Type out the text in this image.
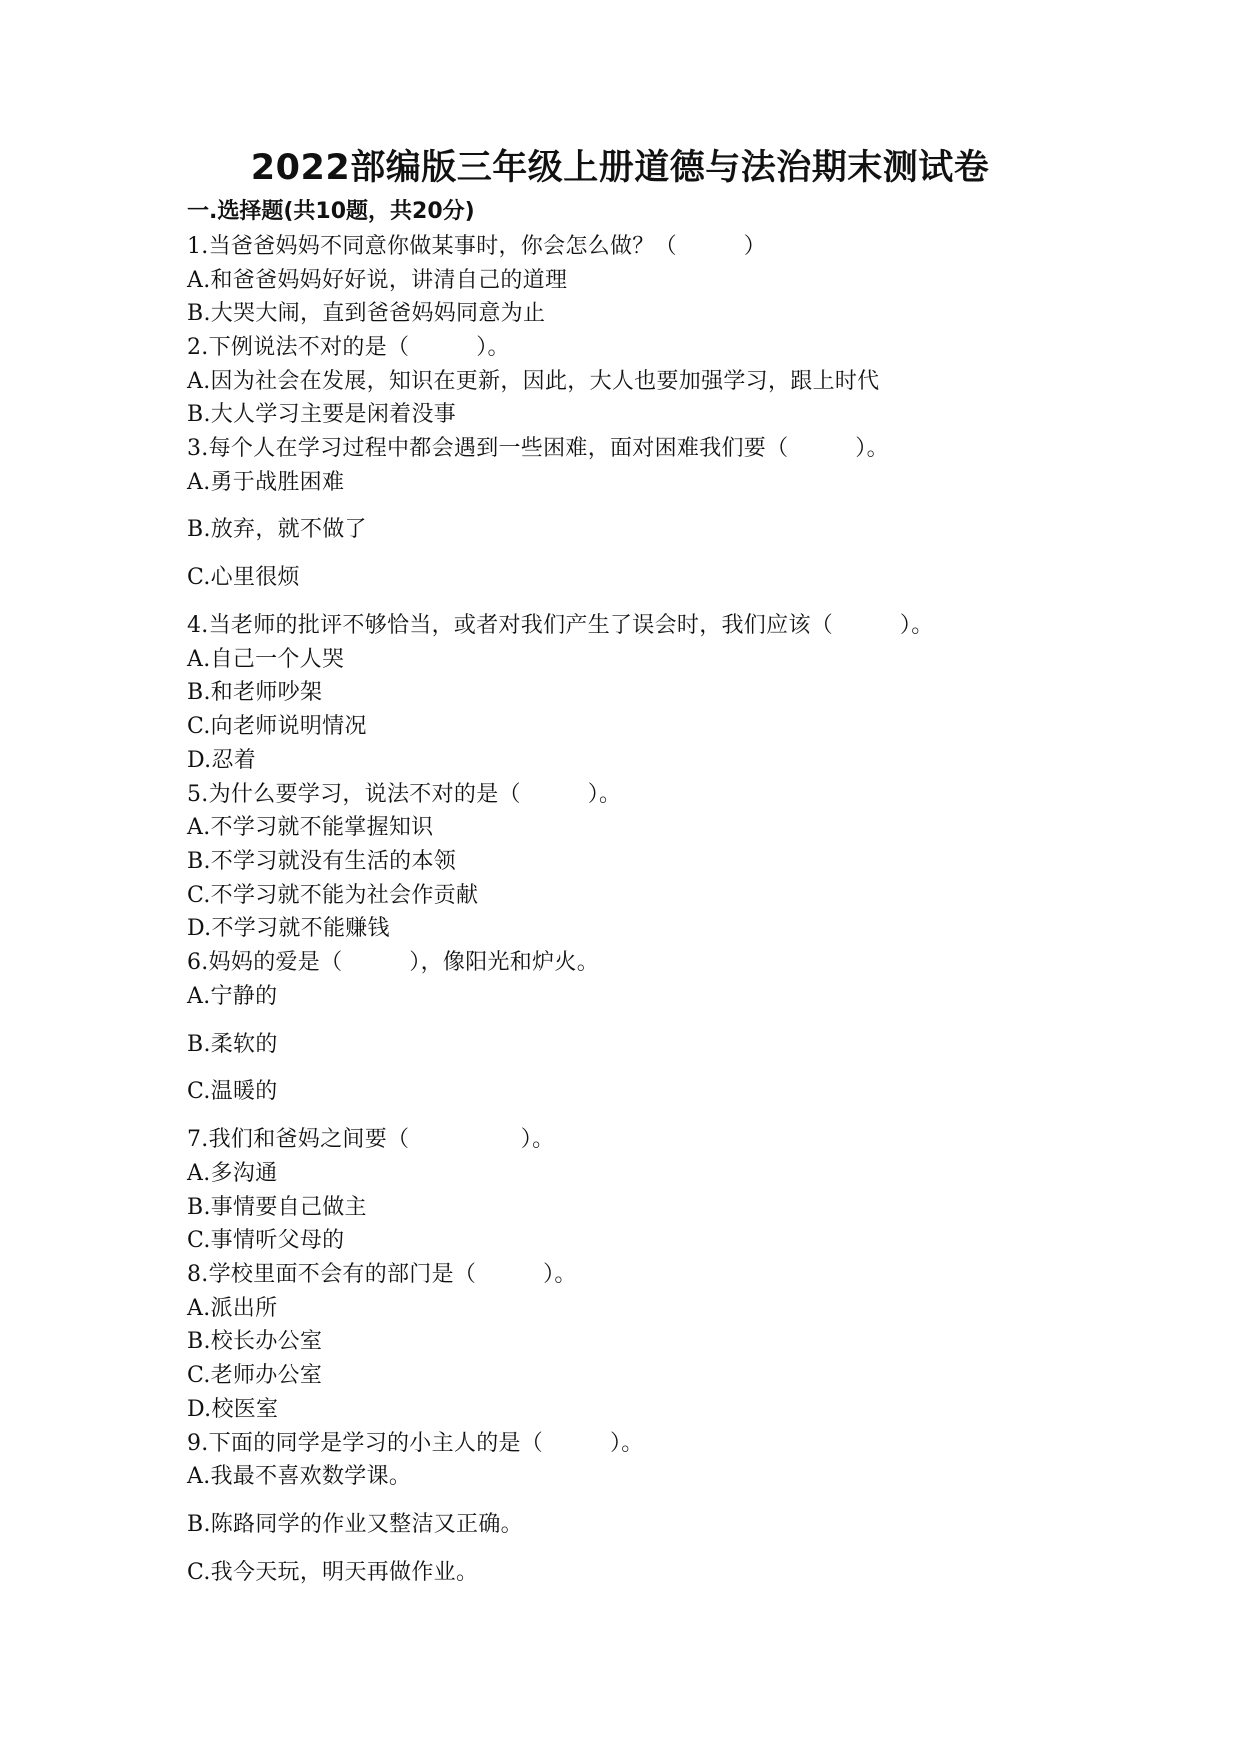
2022部编版三年级上册道德与法治期末测试卷
一.选择题(共10题，共20分)
1.当爸爸妈妈不同意你做某事时，你会怎么做？（　　　）
A.和爸爸妈妈好好说，讲清自己的道理
B.大哭大闹，直到爸爸妈妈同意为止
2.下例说法不对的是（　　　）。
A.因为社会在发展，知识在更新，因此，大人也要加强学习，跟上时代
B.大人学习主要是闲着没事
3.每个人在学习过程中都会遇到一些困难，面对困难我们要（　　　）。
A.勇于战胜困难
B.放弃，就不做了
C.心里很烦
4.当老师的批评不够恰当，或者对我们产生了误会时，我们应该（　　　）。
A.自己一个人哭
B.和老师吵架
C.向老师说明情况
D.忍着
5.为什么要学习，说法不对的是（　　　）。
A.不学习就不能掌握知识
B.不学习就没有生活的本领
C.不学习就不能为社会作贡献
D.不学习就不能赚钱
6.妈妈的爱是（　　　），像阳光和炉火。
A.宁静的
B.柔软的
C.温暖的
7.我们和爸妈之间要（　　　　　）。
A.多沟通
B.事情要自己做主
C.事情听父母的
8.学校里面不会有的部门是（　　　）。
A.派出所
B.校长办公室
C.老师办公室
D.校医室
9.下面的同学是学习的小主人的是（　　　）。
A.我最不喜欢数学课。
B.陈路同学的作业又整洁又正确。
C.我今天玩，明天再做作业。
